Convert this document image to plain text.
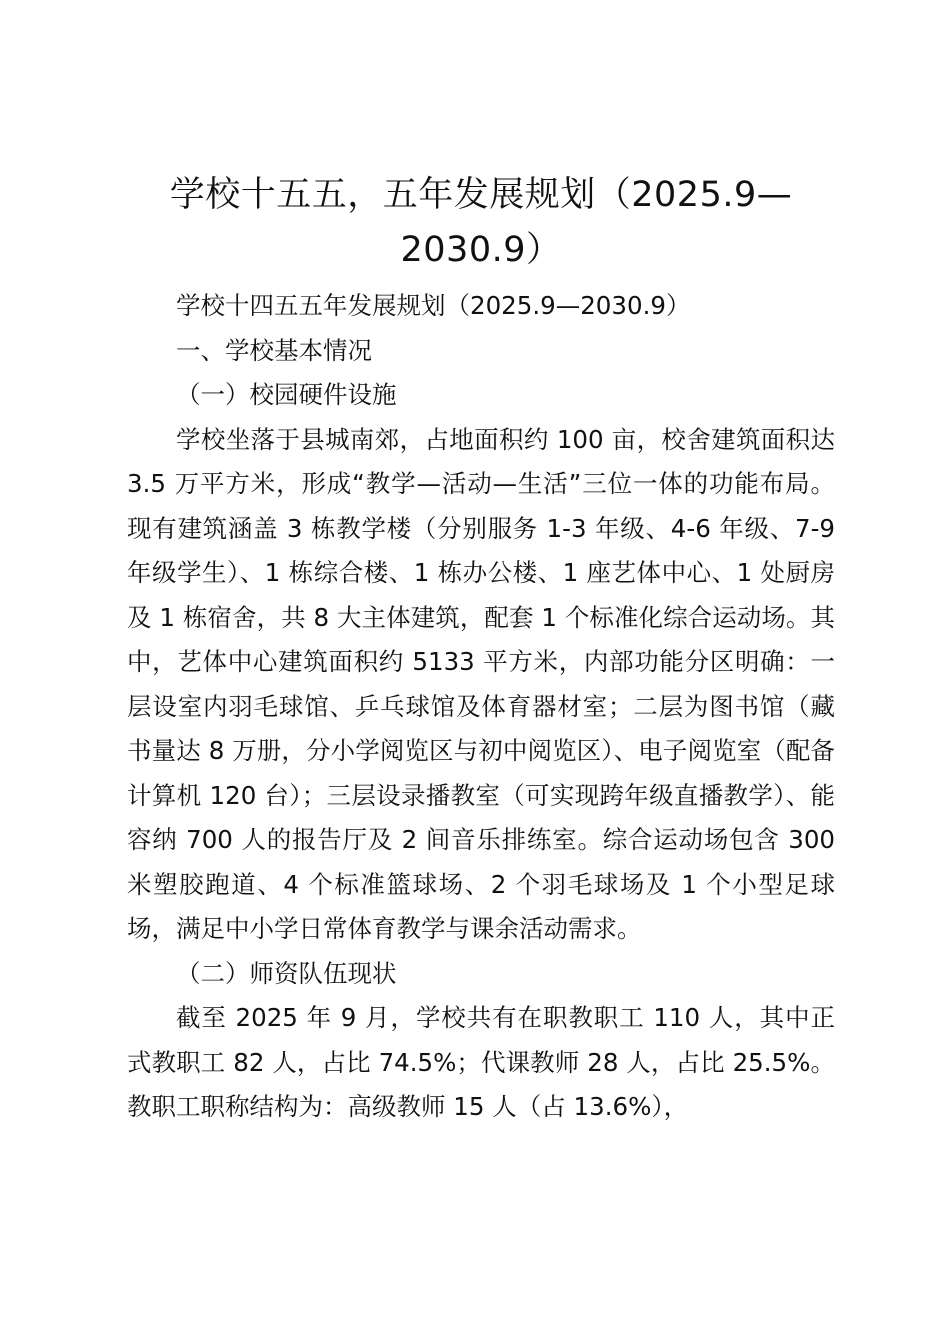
学校十五五，五年发展规划（2025.9—2030.9）

学校十四五五年发展规划（2025.9—2030.9）

一、学校基本情况

（一）校园硬件设施

学校坐落于县城南郊，占地面积约 100 亩，校舍建筑面积达 3.5 万平方米，形成“教学—活动—生活”三位一体的功能布局。现有建筑涵盖 3 栋教学楼（分别服务 1-3 年级、4-6 年级、7-9 年级学生）、1 栋综合楼、1 栋办公楼、1 座艺体中心、1 处厨房及 1 栋宿舍，共 8 大主体建筑，配套 1 个标准化综合运动场。其中，艺体中心建筑面积约 5133 平方米，内部功能分区明确：一层设室内羽毛球馆、乒乓球馆及体育器材室；二层为图书馆（藏书量达 8 万册，分小学阅览区与初中阅览区）、电子阅览室（配备计算机 120 台）；三层设录播教室（可实现跨年级直播教学）、能容纳 700 人的报告厅及 2 间音乐排练室。综合运动场包含 300 米塑胶跑道、4 个标准篮球场、2 个羽毛球场及 1 个小型足球场，满足中小学日常体育教学与课余活动需求。

（二）师资队伍现状

截至 2025 年 9 月，学校共有在职教职工 110 人，其中正式教职工 82 人，占比 74.5%；代课教师 28 人，占比 25.5%。教职工职称结构为：高级教师 15 人（占 13.6%），
